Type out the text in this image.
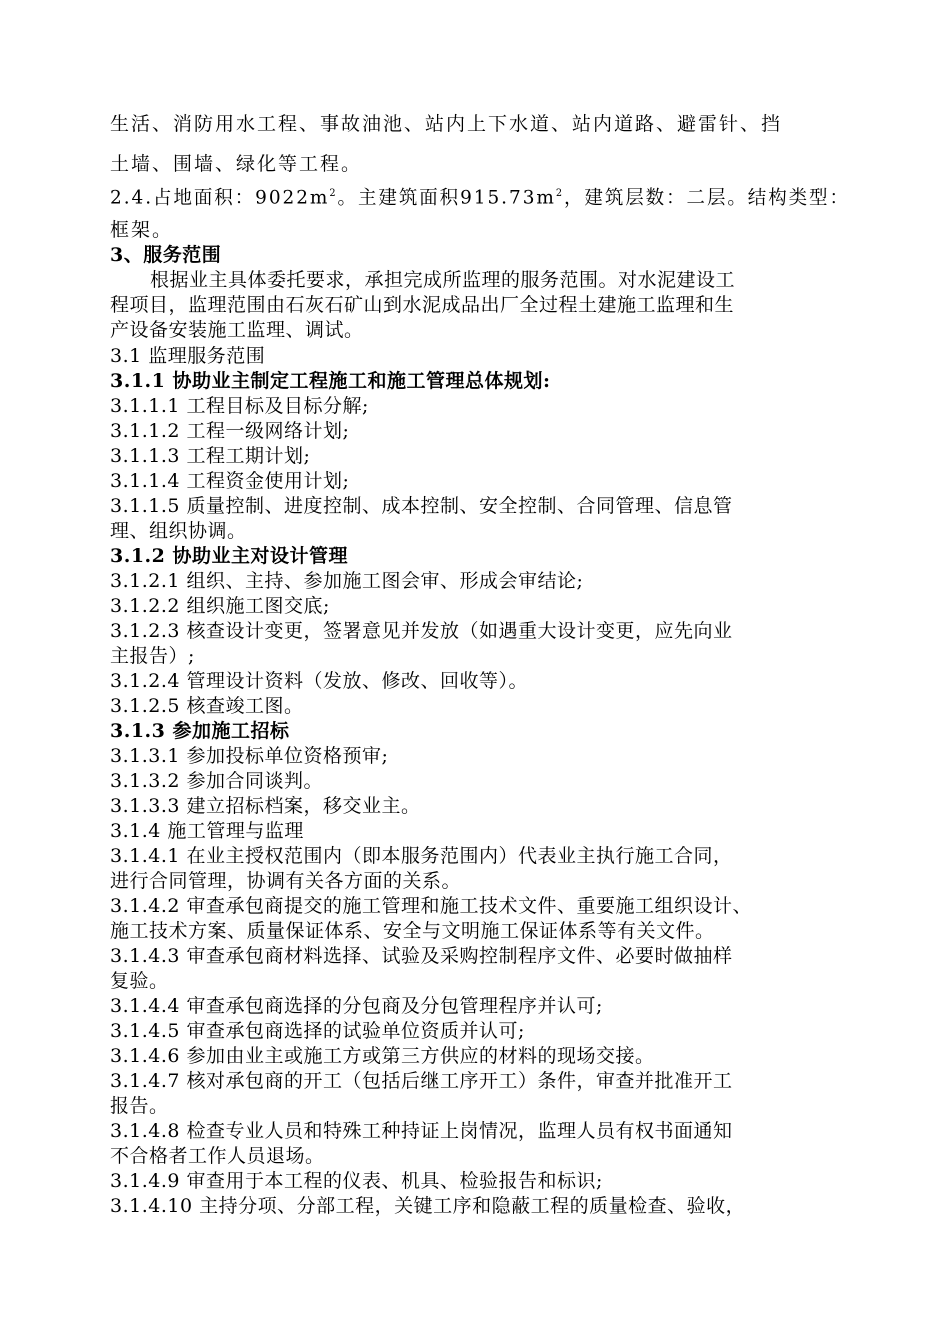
生活、消防用水工程、事故油池、站内上下水道、站内道路、避雷针、挡
土墙、围墙、绿化等工程。
2.4.占地面积：$9022m^2$。主建筑面积$915.73m^2$，建筑层数：二层。结构类型：
框架。
3、服务范围
根据业主具体委托要求，承担完成所监理的服务范围。对水泥建设工
程项目，监理范围由石灰石矿山到水泥成品出厂全过程土建施工监理和生
产设备安装施工监理、调试。
3.1 监理服务范围
3.1.1 协助业主制定工程施工和施工管理总体规划:
3.1.1.1 工程目标及目标分解;
3.1.1.2 工程一级网络计划;
3.1.1.3 工程工期计划;
3.1.1.4 工程资金使用计划;
3.1.1.5 质量控制、进度控制、成本控制、安全控制、合同管理、信息管
理、组织协调。
3.1.2 协助业主对设计管理
3.1.2.1 组织、主持、参加施工图会审、形成会审结论;
3.1.2.2 组织施工图交底;
3.1.2.3 核查设计变更，签署意见并发放（如遇重大设计变更，应先向业
主报告）;
3.1.2.4 管理设计资料（发放、修改、回收等）。
3.1.2.5 核查竣工图。
3.1.3 参加施工招标
3.1.3.1 参加投标单位资格预审;
3.1.3.2 参加合同谈判。
3.1.3.3 建立招标档案，移交业主。
3.1.4 施工管理与监理
3.1.4.1 在业主授权范围内（即本服务范围内）代表业主执行施工合同，
进行合同管理，协调有关各方面的关系。
3.1.4.2 审查承包商提交的施工管理和施工技术文件、重要施工组织设计、
施工技术方案、质量保证体系、安全与文明施工保证体系等有关文件。
3.1.4.3 审查承包商材料选择、试验及采购控制程序文件、必要时做抽样
复验。
3.1.4.4 审查承包商选择的分包商及分包管理程序并认可;
3.1.4.5 审查承包商选择的试验单位资质并认可;
3.1.4.6 参加由业主或施工方或第三方供应的材料的现场交接。
3.1.4.7 核对承包商的开工（包括后继工序开工）条件，审查并批准开工
报告。
3.1.4.8 检查专业人员和特殊工种持证上岗情况，监理人员有权书面通知
不合格者工作人员退场。
3.1.4.9 审查用于本工程的仪表、机具、检验报告和标识;
3.1.4.10 主持分项、分部工程，关键工序和隐蔽工程的质量检查、验收，
